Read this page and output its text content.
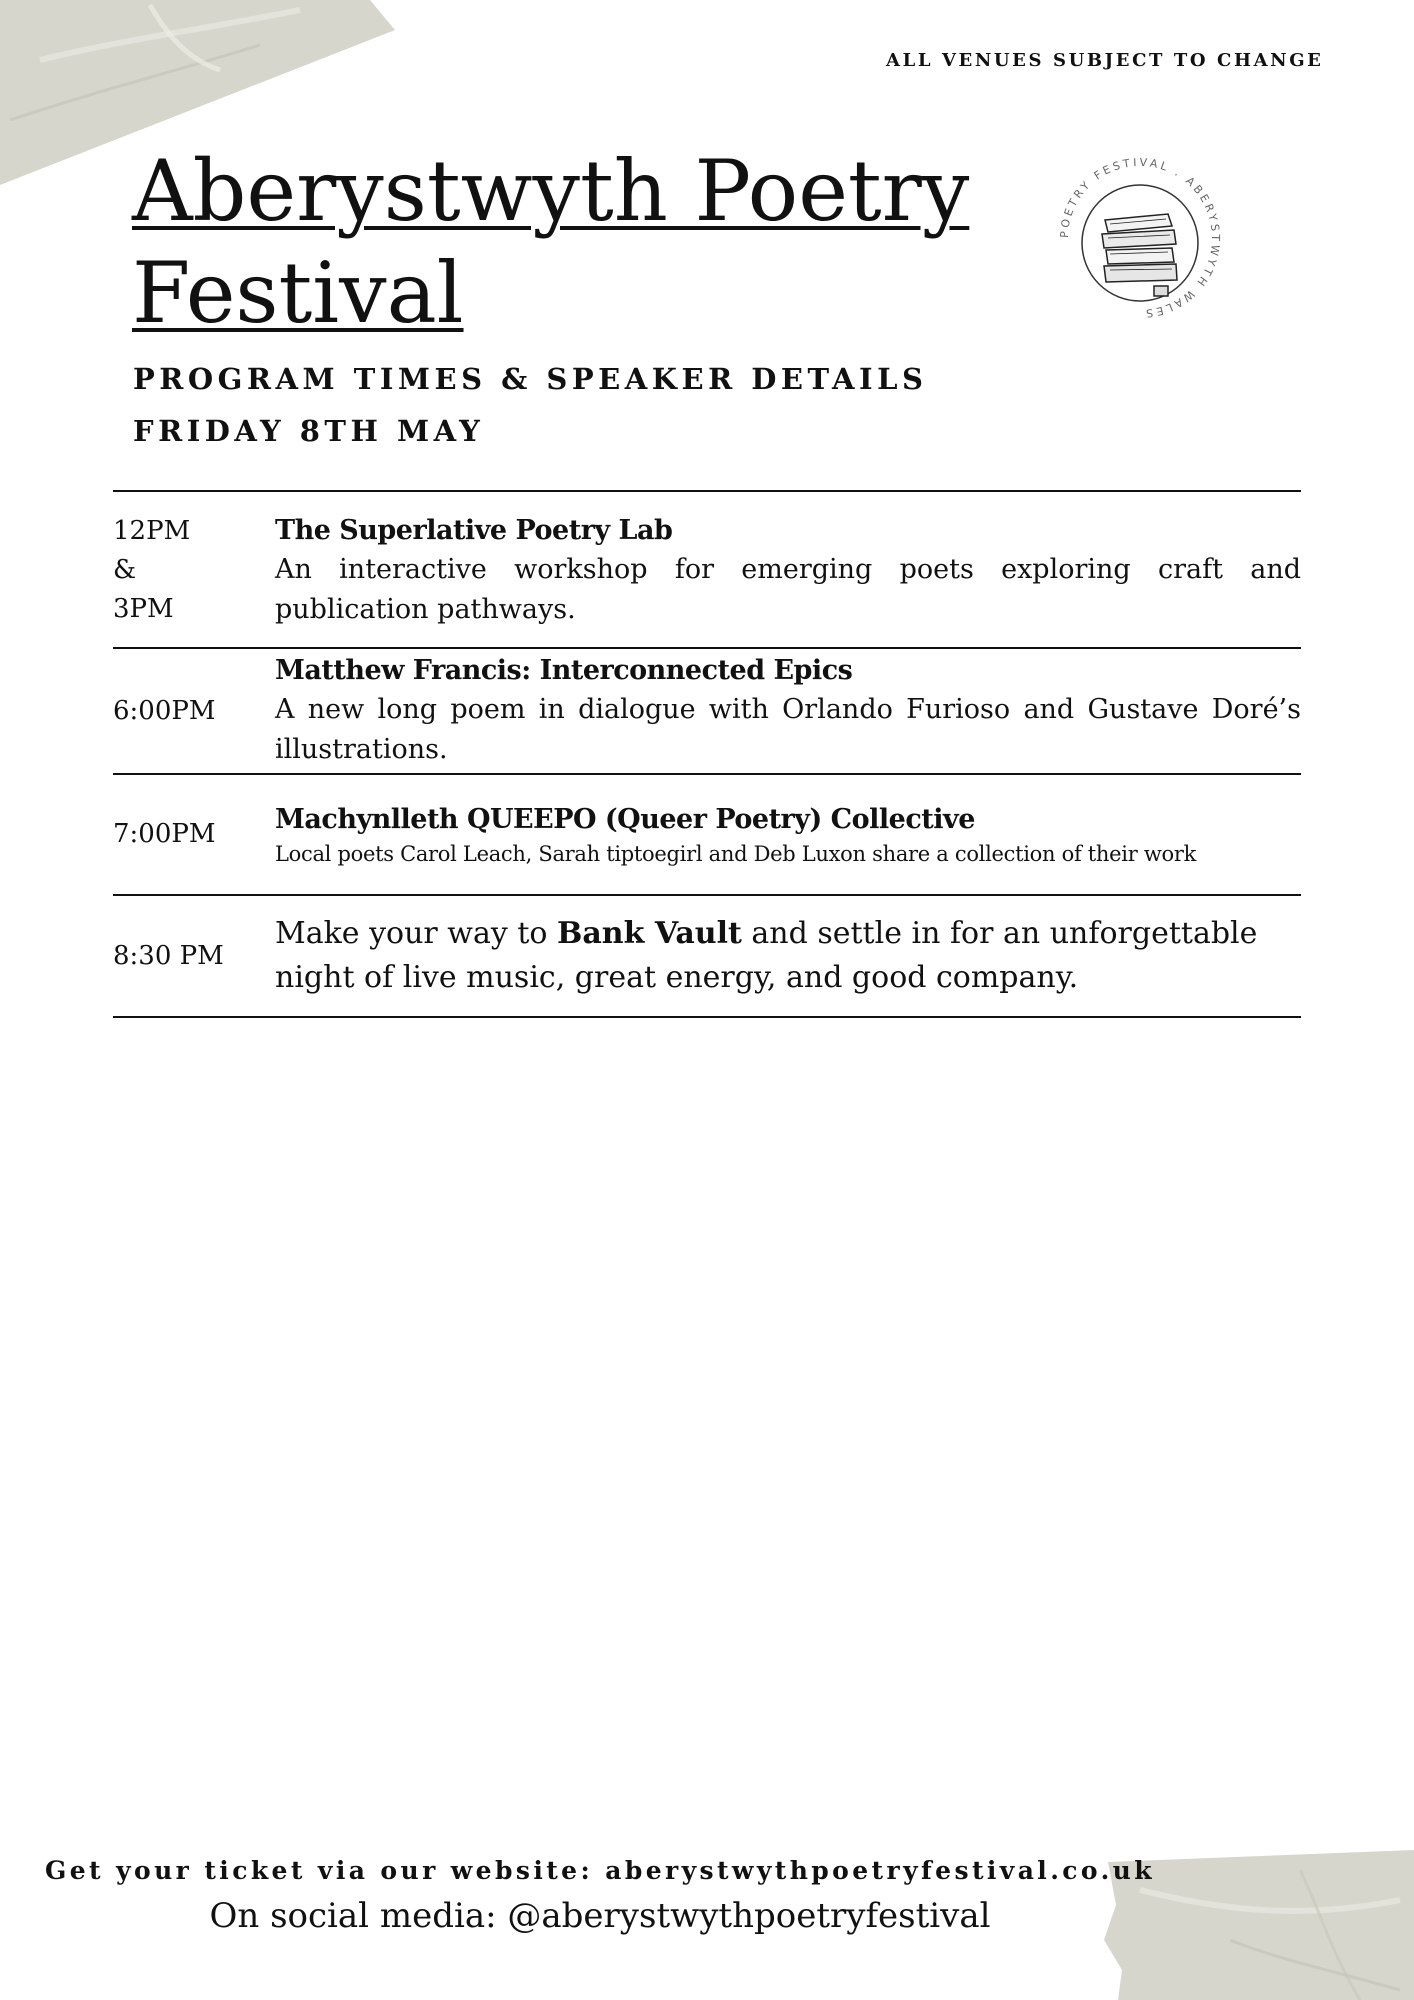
ALL VENUES SUBJECT TO CHANGE
Aberystwyth Poetry
Festival
PROGRAM TIMES & SPEAKER DETAILS
FRIDAY 8TH MAY
POETRY FESTIVAL . ABERYSTWYTH WALES
12PM
&
3PM
The Superlative Poetry Lab
An interactive workshop for emerging poets exploring craft and publication pathways.
6:00PM
Matthew Francis: Interconnected Epics
A new long poem in dialogue with Orlando Furioso and Gustave Doré’s illustrations.
7:00PM	Machynlleth QUEEPO (Queer Poetry) Collective
Local poets Carol Leach, Sarah tiptoegirl and Deb Luxon share a collection of their work
8:30 PM
Make your way to Bank Vault and settle in for an unforgettable night of live music, great energy, and good company.
Get your ticket via our website: aberystwythpoetryfestival.co.uk
On social media: @aberystwythpoetryfestival
